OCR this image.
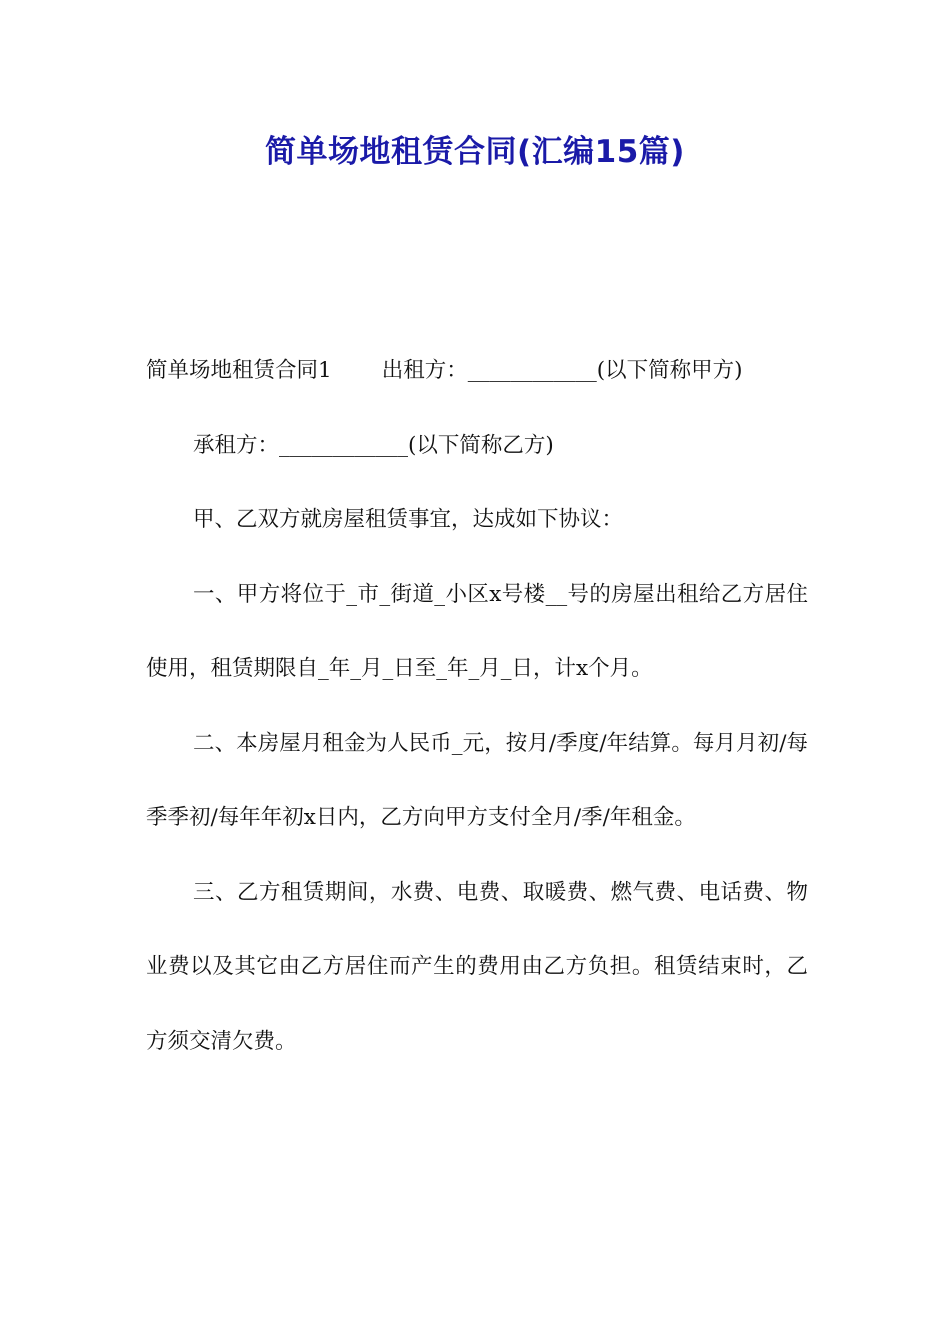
简单场地租赁合同(汇编15篇)

简单场地租赁合同1 出租方：____________(以下简称甲方)

承租方：____________(以下简称乙方)

甲、乙双方就房屋租赁事宜，达成如下协议：

一、甲方将位于_市_街道_小区x号楼__号的房屋出租给乙方居住使用，租赁期限自_年_月_日至_年_月_日，计x个月。

二、本房屋月租金为人民币_元，按月/季度/年结算。每月月初/每季季初/每年年初x日内，乙方向甲方支付全月/季/年租金。

三、乙方租赁期间，水费、电费、取暖费、燃气费、电话费、物业费以及其它由乙方居住而产生的费用由乙方负担。租赁结束时，乙方须交清欠费。
